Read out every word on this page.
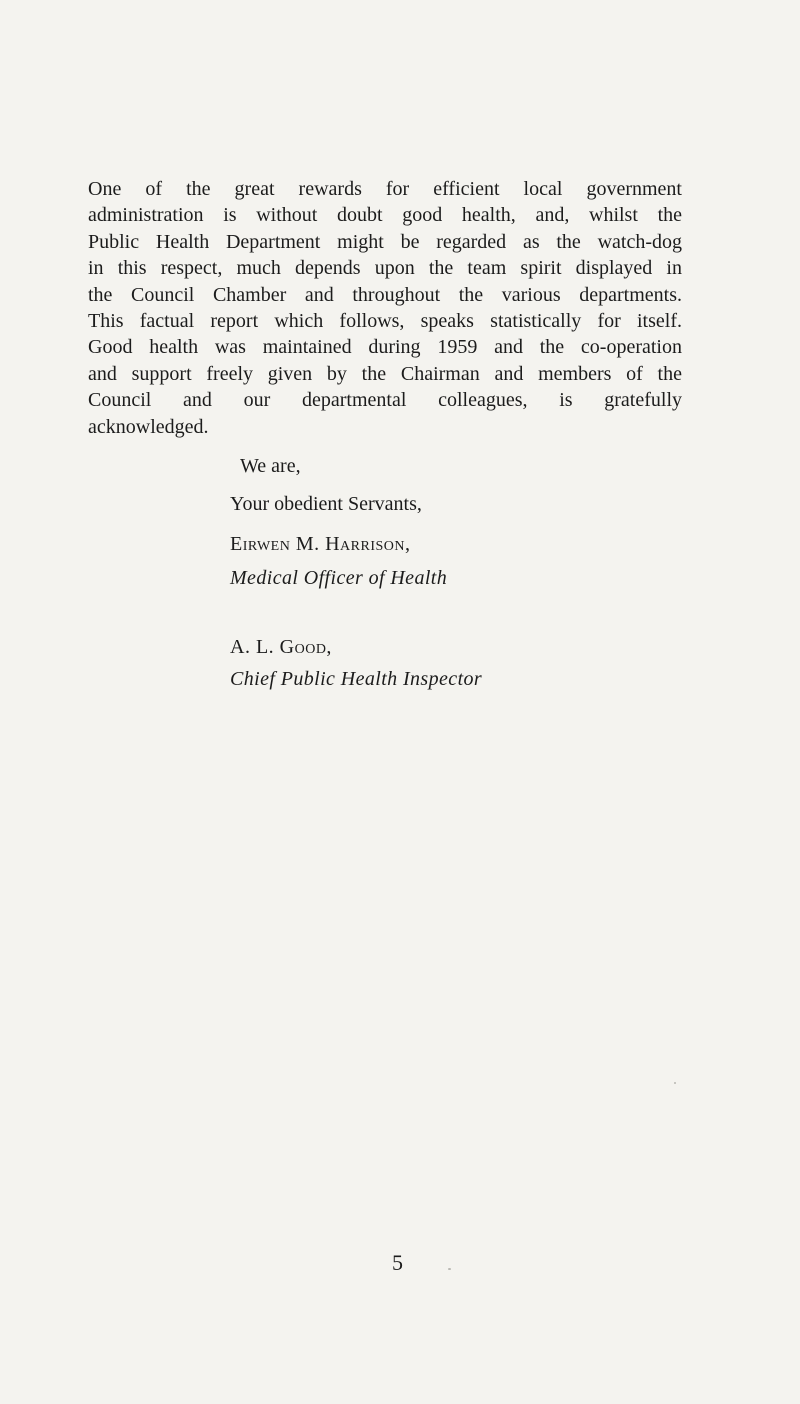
One of the great rewards for efficient local government
administration is without doubt good health, and, whilst the
Public Health Department might be regarded as the watch-dog
in this respect, much depends upon the team spirit displayed in
the Council Chamber and throughout the various departments.
This factual report which follows, speaks statistically for itself.
Good health was maintained during 1959 and the co-operation
and support freely given by the Chairman and members of the
Council and our departmental colleagues, is gratefully
acknowledged.

We are,

Your obedient Servants,

Eirwen M. Harrison,

Medical Officer of Health

A. L. Good,

Chief Public Health Inspector

5
